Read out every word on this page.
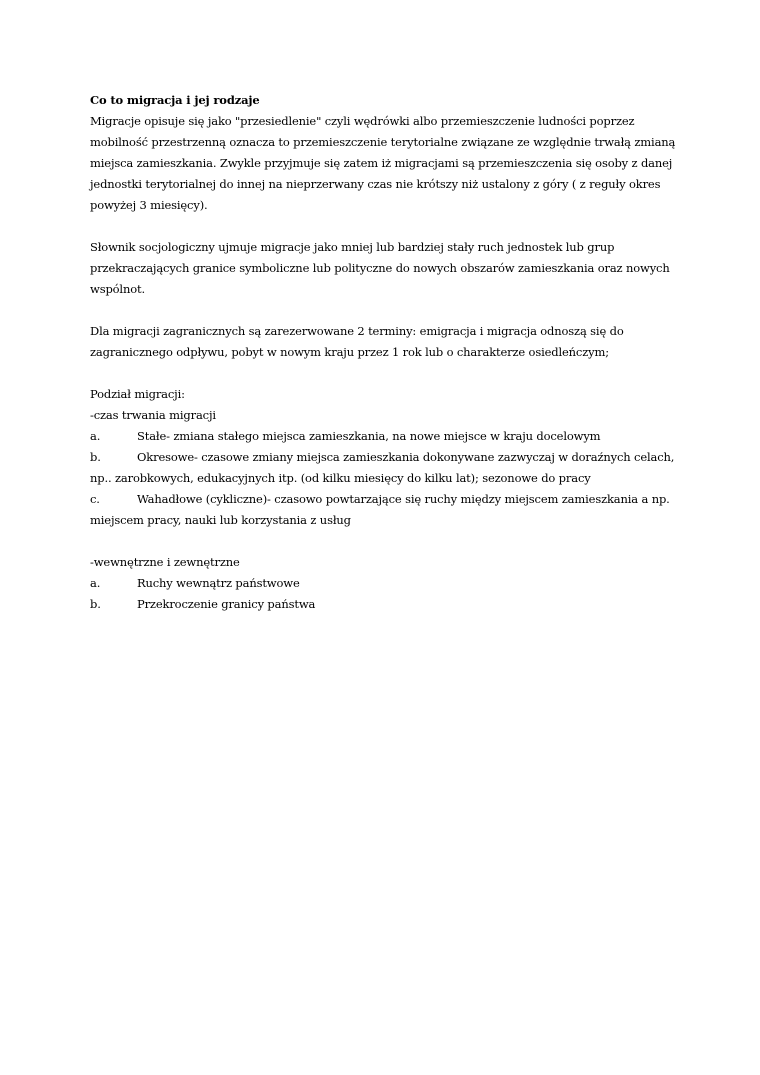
Co to migracja i jej rodzaje

Migracje opisuje się jako "przesiedlenie" czyli wędrówki albo przemieszczenie ludności poprzez mobilność przestrzenną oznacza to przemieszczenie terytorialne związane ze względnie trwałą zmianą miejsca zamieszkania. Zwykle przyjmuje się zatem iż migracjami są przemieszczenia się osoby z danej jednostki terytorialnej do innej na nieprzerwany czas nie krótszy niż ustalony z góry ( z reguły okres powyżej 3 miesięcy).

Słownik socjologiczny ujmuje migracje jako mniej lub bardziej stały ruch jednostek lub grup przekraczających granice symboliczne lub polityczne do nowych obszarów zamieszkania oraz nowych wspólnot.

Dla migracji zagranicznych są zarezerwowane 2 terminy: emigracja i migracja odnoszą się do zagranicznego odpływu, pobyt w nowym kraju przez 1 rok lub o charakterze osiedleńczym;

Podział migracji:

-czas trwania migracji

a.	Stałe- zmiana stałego miejsca zamieszkania, na nowe miejsce w kraju docelowym
b.	Okresowe- czasowe zmiany miejsca zamieszkania dokonywane zazwyczaj w doraźnych celach, np.. zarobkowych, edukacyjnych itp. (od kilku miesięcy do kilku lat); sezonowe do pracy
c.	Wahadłowe (cykliczne)- czasowo powtarzające się ruchy między miejscem zamieszkania a np. miejscem pracy, nauki lub korzystania z usług

-wewnętrzne i zewnętrzne

a.	Ruchy wewnątrz państwowe
b.	Przekroczenie granicy państwa
